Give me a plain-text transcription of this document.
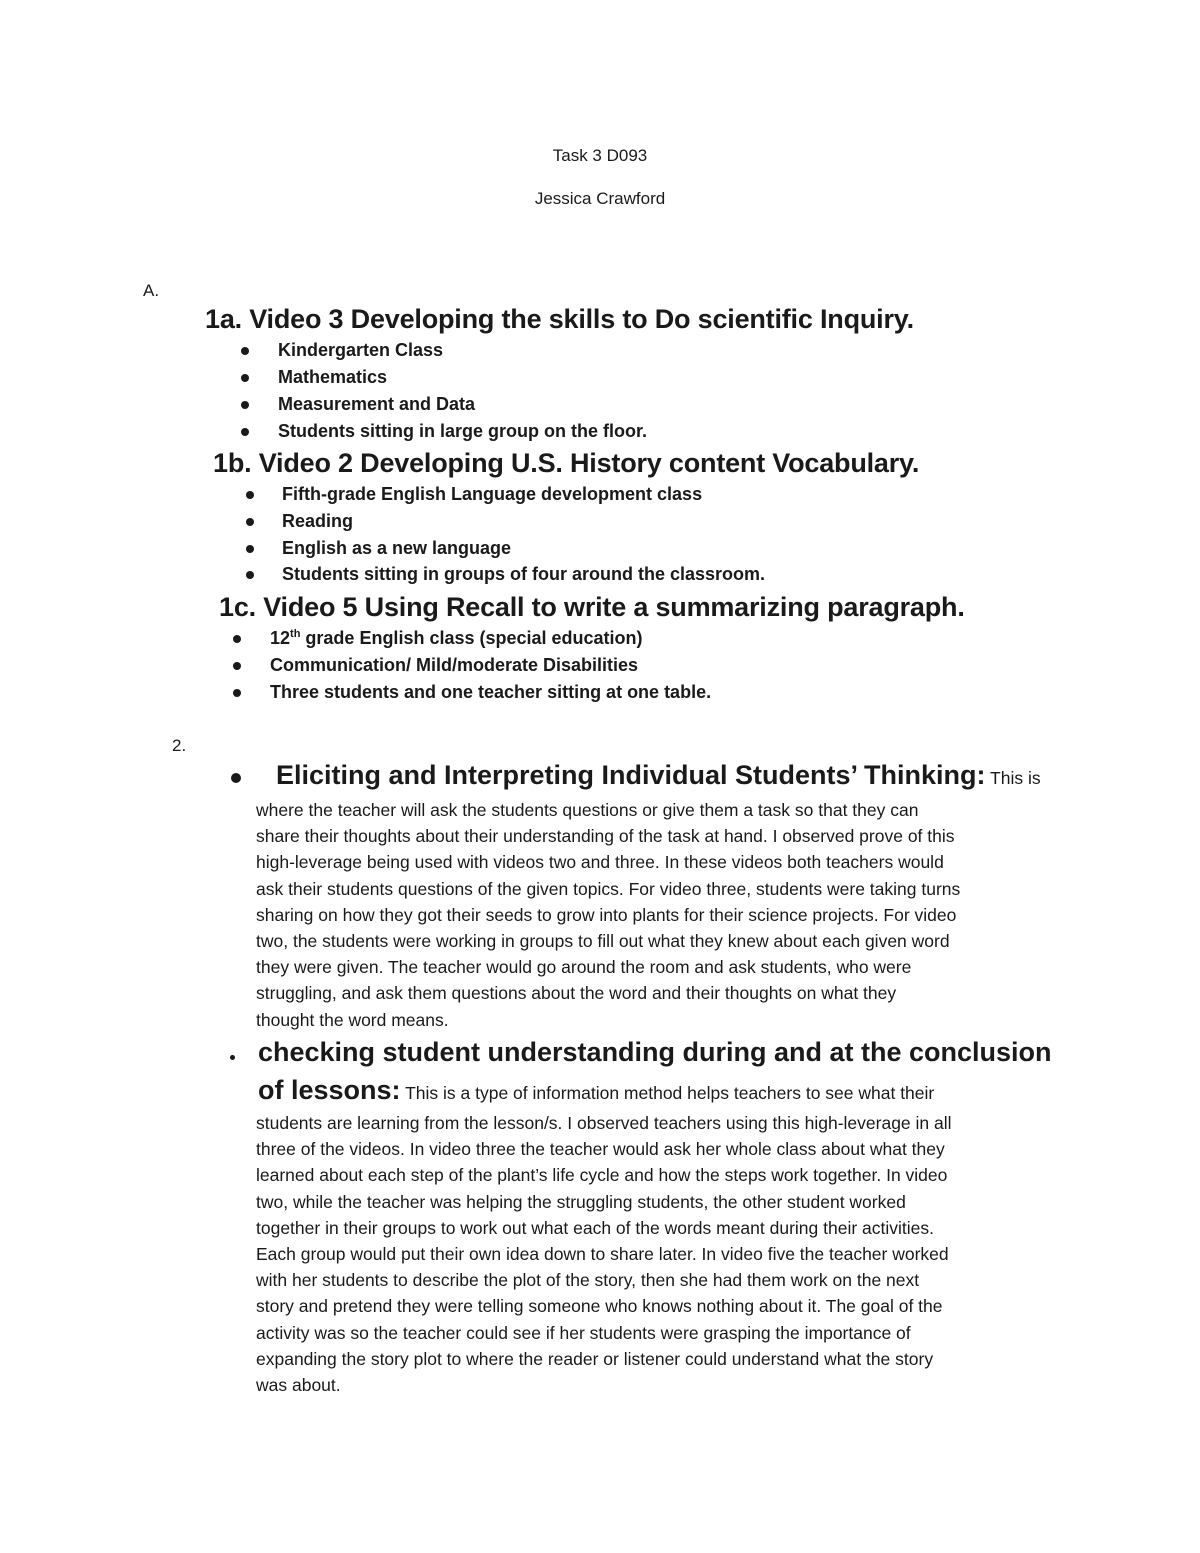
Task 3 D093

Jessica Crawford

A.

1a. Video 3 Developing the skills to Do scientific Inquiry.

Kindergarten Class

Mathematics

Measurement and Data

Students sitting in large group on the floor.

1b. Video 2 Developing U.S. History content Vocabulary.

Fifth-grade English Language development class

Reading

English as a new language

Students sitting in groups of four around the classroom.

1c. Video 5 Using Recall to write a summarizing paragraph.

12th grade English class (special education)

Communication/ Mild/moderate Disabilities

Three students and one teacher sitting at one table.

2.

Eliciting and Interpreting Individual Students’ Thinking: This is

where the teacher will ask the students questions or give them a task so that they can
share their thoughts about their understanding of the task at hand. I observed prove of this
high-leverage being used with videos two and three. In these videos both teachers would
ask their students questions of the given topics. For video three, students were taking turns
sharing on how they got their seeds to grow into plants for their science projects. For video
two, the students were working in groups to fill out what they knew about each given word
they were given. The teacher would go around the room and ask students, who were
struggling, and ask them questions about the word and their thoughts on what they
thought the word means.

checking student understanding during and at the conclusion

of lessons: This is a type of information method helps teachers to see what their

students are learning from the lesson/s. I observed teachers using this high-leverage in all
three of the videos. In video three the teacher would ask her whole class about what they
learned about each step of the plant’s life cycle and how the steps work together. In video
two, while the teacher was helping the struggling students, the other student worked
together in their groups to work out what each of the words meant during their activities.
Each group would put their own idea down to share later. In video five the teacher worked
with her students to describe the plot of the story, then she had them work on the next
story and pretend they were telling someone who knows nothing about it. The goal of the
activity was so the teacher could see if her students were grasping the importance of
expanding the story plot to where the reader or listener could understand what the story
was about.
